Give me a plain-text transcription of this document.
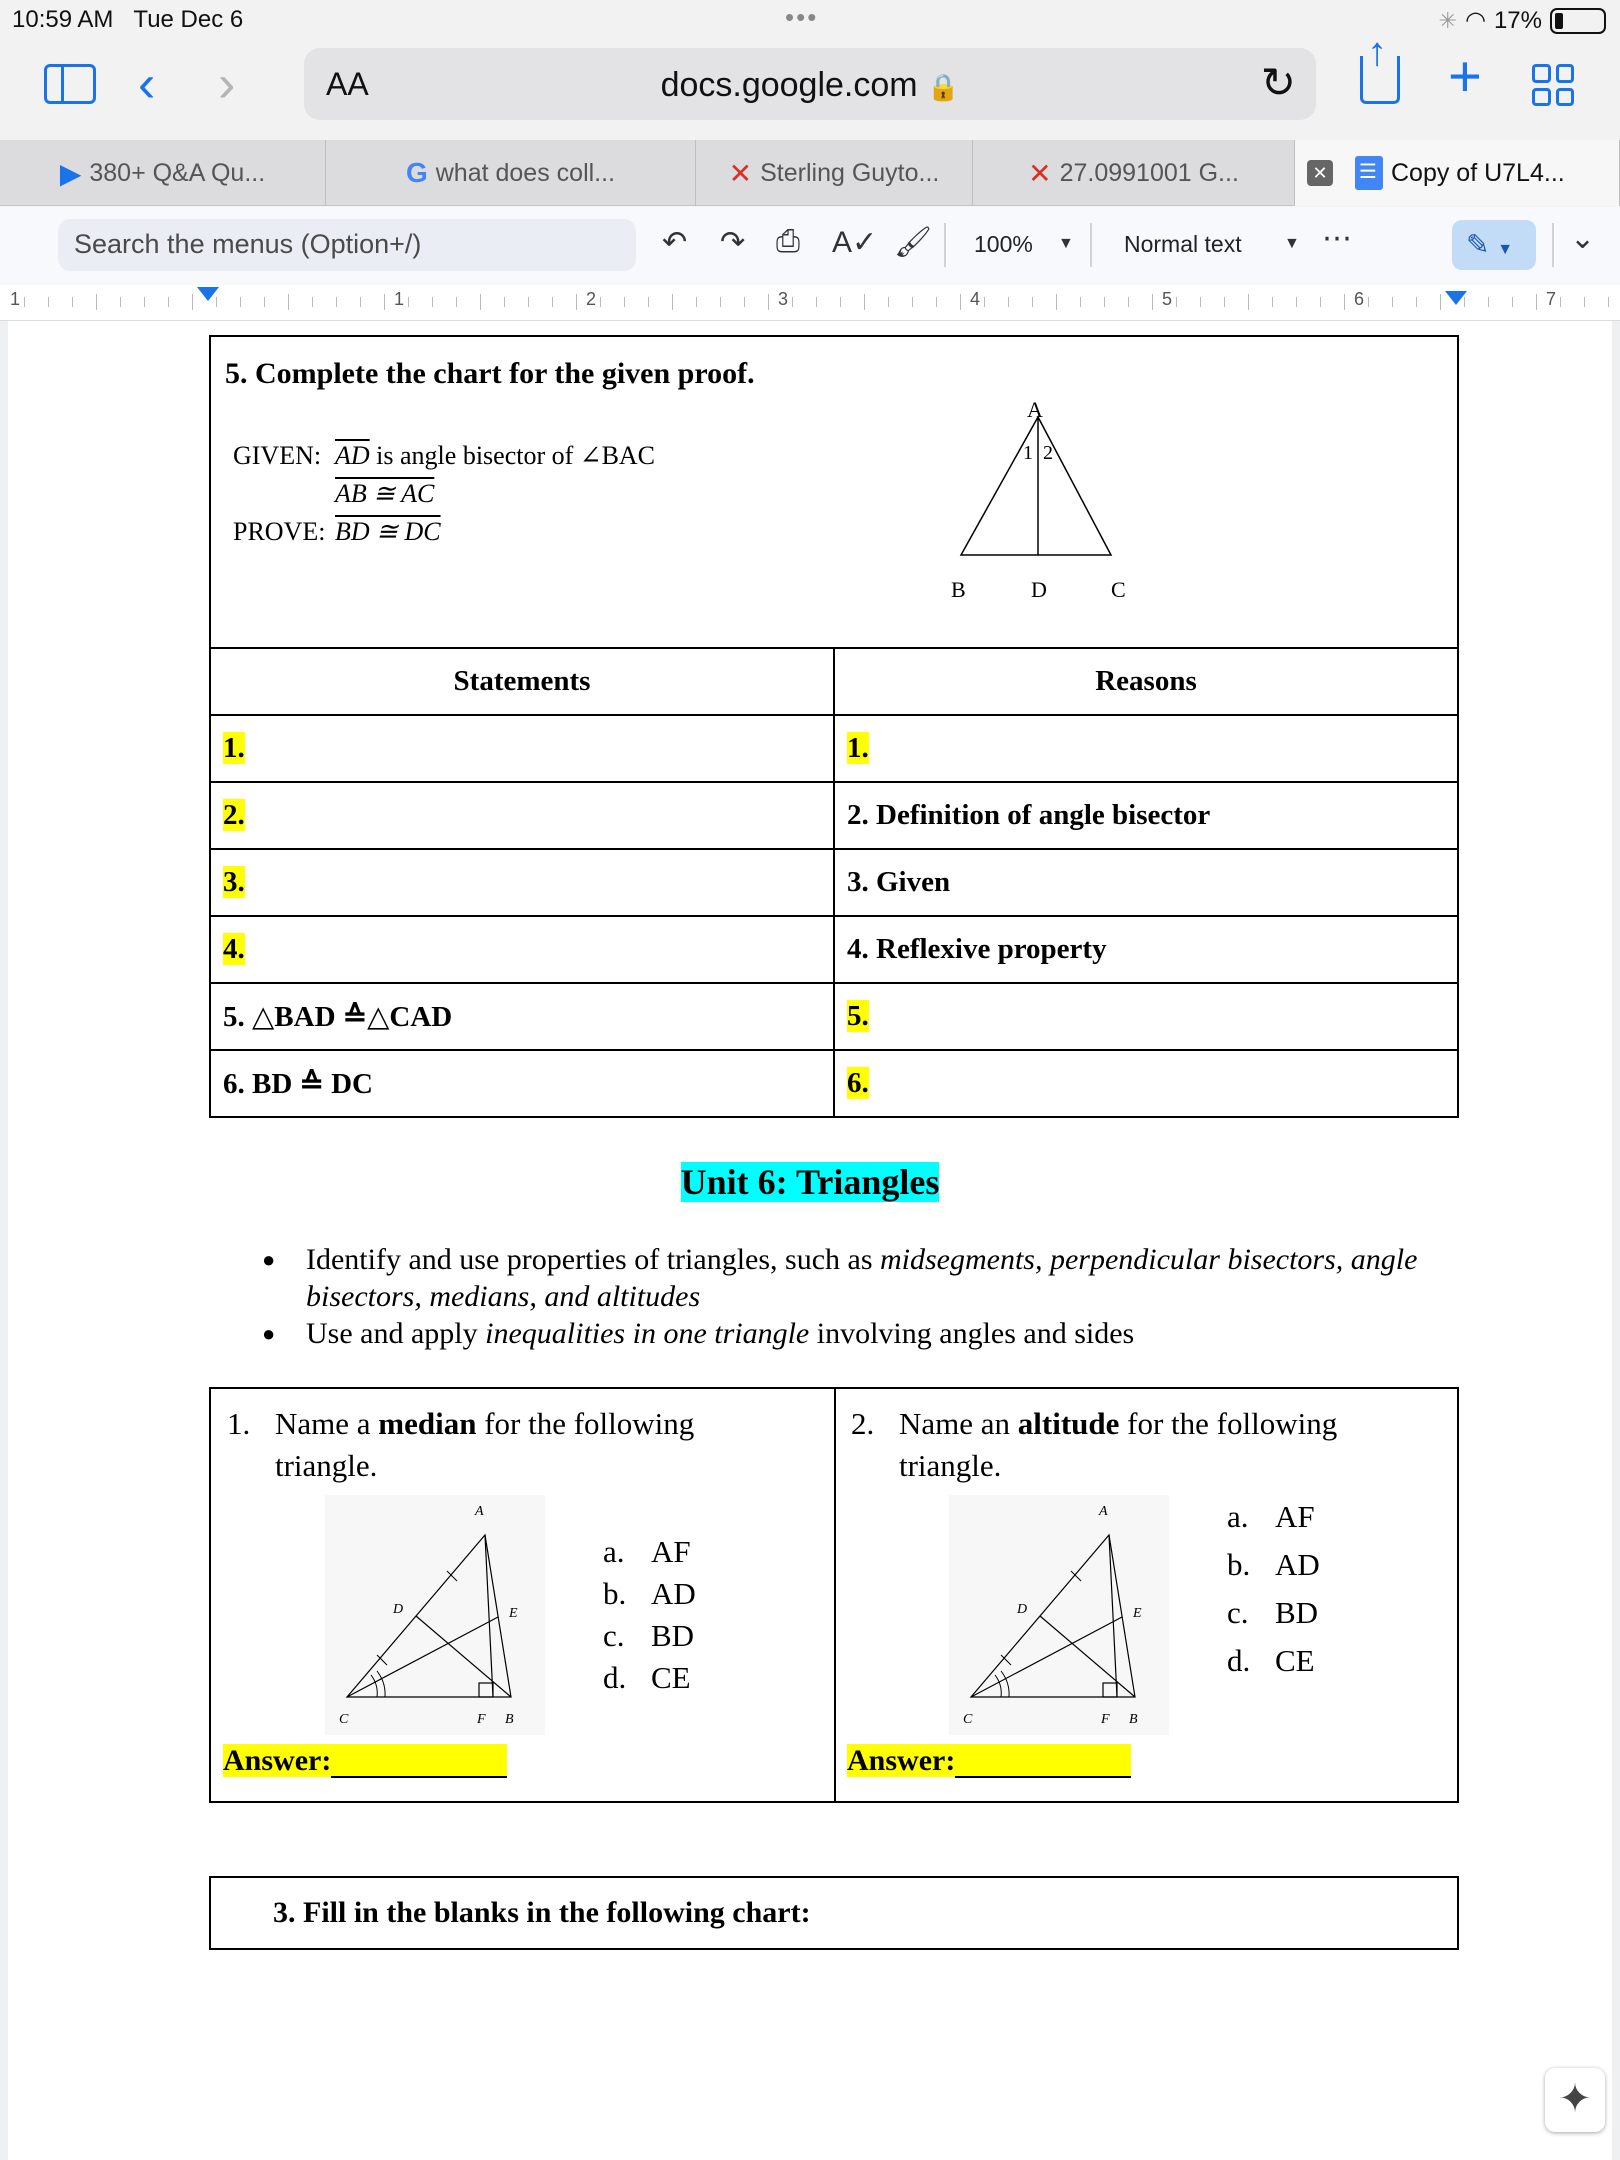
10:59 AM Tue Dec 6	•••	✳ ◠ 17%
‹ ›	AA	docs.google.com 🔒	↻ ↑	+
▶ 380+ Q&A Qu...	G what does coll...	✕ Sterling Guyto...	✕ 27.0991001 G...	✕ ☰	Copy of U7L4...
Search the menus (Option+/)	↶ ↷ ⎙ A✓ 🖌 100% ▼ Normal text	▼ ⋯	✎ ▼	⌄
1	1	2	3	4	5	6	7
5. Complete the chart for the given proof.
GIVEN: $\overline{AD}$ is angle bisector of ∠BAC
AB ≅ AC
PROVE: BD ≅ DC
A
1 2
B	D	C
Statements	Reasons
1.	1.
2.	2. Definition of angle bisector
3.	3. Given
4.	4. Reflexive property
5. △BAD ≙△CAD	5.
6. BD ≙ DC	6.
Unit 6: Triangles
● Identify and use properties of triangles, such as midsegments, perpendicular bisectors, angle bisectors, medians, and altitudes
● Use and apply inequalities in one triangle involving angles and sides
1. Name a median for the following triangle.
A
D	E
C	F B
a. AF
b. AD
c. BD
d. CE
Answer:
2. Name an altitude for the following triangle.
A
D	E
C	F B
a. AF
b. AD
c. BD
d. CE
Answer:
3. Fill in the blanks in the following chart:
✦
